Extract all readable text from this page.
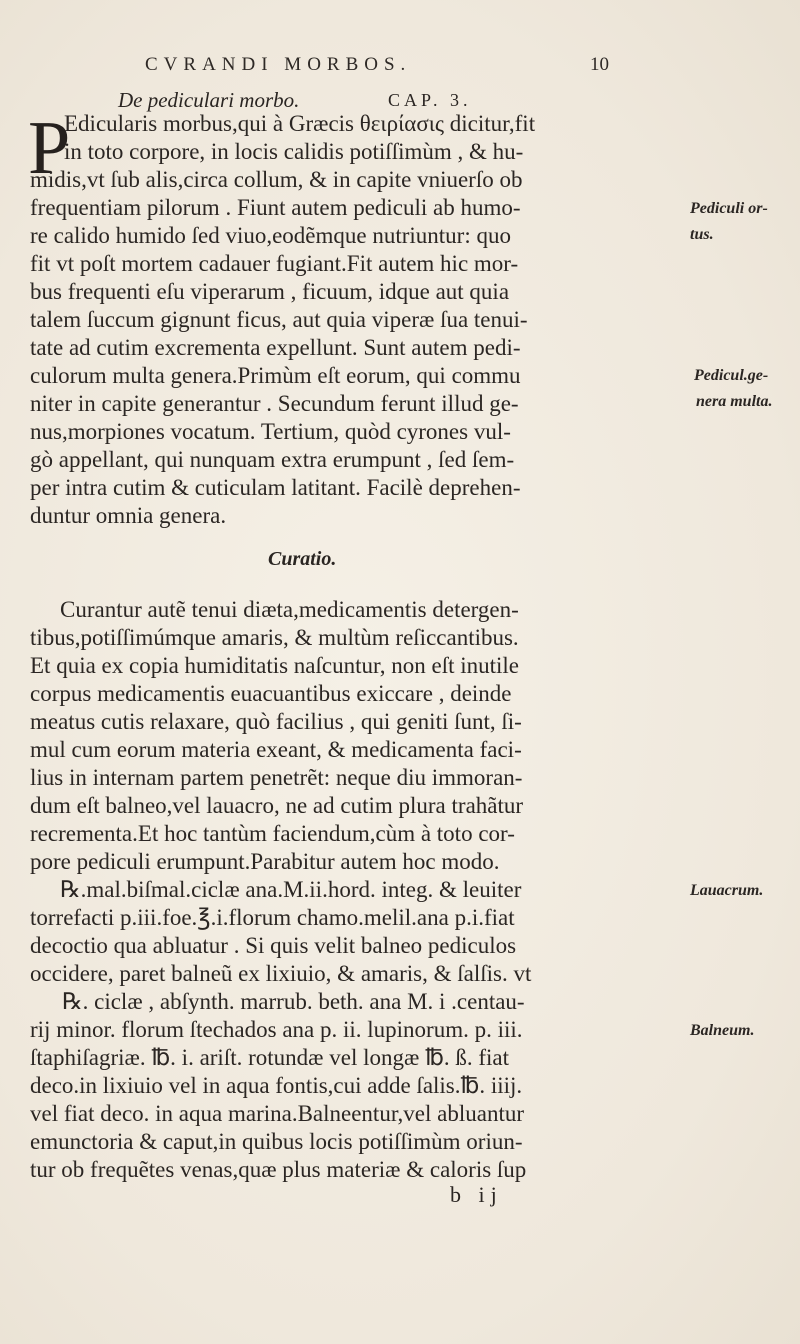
CVRANDI MORBOS.	10
De pediculari morbo.	CAP. 3.
P
Edicularis morbus,qui à Græcis θειρίασις dicitur,fit
in toto corpore, in locis calidis potiſſimùm , & hu-
midis,vt ſub alis,circa collum, & in capite vniuerſo ob
frequentiam pilorum . Fiunt autem pediculi ab humo-
re calido humido ſed viuo,eodẽmque nutriuntur: quo
fit vt poſt mortem cadauer fugiant.Fit autem hic mor-
bus frequenti eſu viperarum , ficuum, idque aut quia
talem ſuccum gignunt ficus, aut quia viperæ ſua tenui-
tate ad cutim excrementa expellunt. Sunt autem pedi-
culorum multa genera.Primùm eſt eorum, qui commu
niter in capite generantur . Secundum ferunt illud ge-
nus,morpiones vocatum. Tertium, quòd cyrones vul-
gò appellant, qui nunquam extra erumpunt , ſed ſem-
per intra cutim & cuticulam latitant. Facilè deprehen-
duntur omnia genera.
Curatio.
Curantur autẽ tenui diæta,medicamentis detergen-
tibus,potiſſimúmque amaris, & multùm reſiccantibus.
Et quia ex copia humiditatis naſcuntur, non eſt inutile
corpus medicamentis euacuantibus exiccare , deinde
meatus cutis relaxare, quò facilius , qui geniti ſunt, ſi-
mul cum eorum materia exeant, & medicamenta faci-
lius in internam partem penetrẽt: neque diu immoran-
dum eſt balneo,vel lauacro, ne ad cutim plura trahãtur
recrementa.Et hoc tantùm faciendum,cùm à toto cor-
pore pediculi erumpunt.Parabitur autem hoc modo.
℞.mal.biſmal.ciclæ ana.M.ii.hord. integ. & leuiter
torrefacti p.iii.foe.℥.i.florum chamo.melil.ana p.i.fiat
decoctio qua abluatur . Si quis velit balneo pediculos
occidere, paret balneũ ex lixiuio, & amaris, & ſalſis. vt
℞. ciclæ , abſynth. marrub. beth. ana M. i .centau-
rij minor. florum ſtechados ana p. ii. lupinorum. p. iii.
ſtaphiſagriæ. ℔. i. ariſt. rotundæ vel longæ ℔. ß. fiat
deco.in lixiuio vel in aqua fontis,cui adde ſalis.℔. iiij.
vel fiat deco. in aqua marina.Balneentur,vel abluantur
emunctoria & caput,in quibus locis potiſſimùm oriun-
tur ob frequẽtes venas,quæ plus materiæ & caloris ſup
b ij
Pediculi or-
tus.
Pedicul.ge-
nera multa.
Lauacrum.
Balneum.
